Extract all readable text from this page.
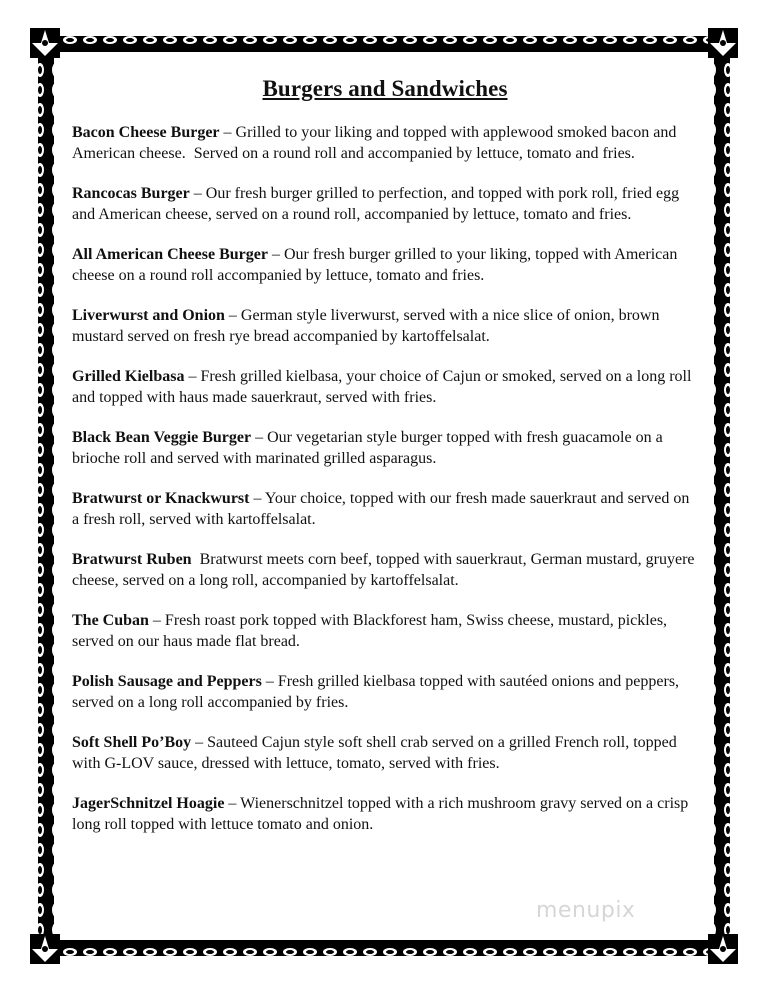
Burgers and Sandwiches

Bacon Cheese Burger – Grilled to your liking and topped with applewood smoked bacon and American cheese.  Served on a round roll and accompanied by lettuce, tomato and fries.

Rancocas Burger – Our fresh burger grilled to perfection, and topped with pork roll, fried egg and American cheese, served on a round roll, accompanied by lettuce, tomato and fries.

All American Cheese Burger – Our fresh burger grilled to your liking, topped with American cheese on a round roll accompanied by lettuce, tomato and fries.

Liverwurst and Onion – German style liverwurst, served with a nice slice of onion, brown mustard served on fresh rye bread accompanied by kartoffelsalat.

Grilled Kielbasa – Fresh grilled kielbasa, your choice of Cajun or smoked, served on a long roll and topped with haus made sauerkraut, served with fries.

Black Bean Veggie Burger – Our vegetarian style burger topped with fresh guacamole on a brioche roll and served with marinated grilled asparagus.

Bratwurst or Knackwurst – Your choice, topped with our fresh made sauerkraut and served on a fresh roll, served with kartoffelsalat.

Bratwurst Ruben Bratwurst meets corn beef, topped with sauerkraut, German mustard, gruyere cheese, served on a long roll, accompanied by kartoffelsalat.

The Cuban – Fresh roast pork topped with Blackforest ham, Swiss cheese, mustard, pickles, served on our haus made flat bread.

Polish Sausage and Peppers – Fresh grilled kielbasa topped with sautéed onions and peppers, served on a long roll accompanied by fries.

Soft Shell Po’Boy – Sauteed Cajun style soft shell crab served on a grilled French roll, topped with G-LOV sauce, dressed with lettuce, tomato, served with fries.

JagerSchnitzel Hoagie – Wienerschnitzel topped with a rich mushroom gravy served on a crisp long roll topped with lettuce tomato and onion.

menupix
